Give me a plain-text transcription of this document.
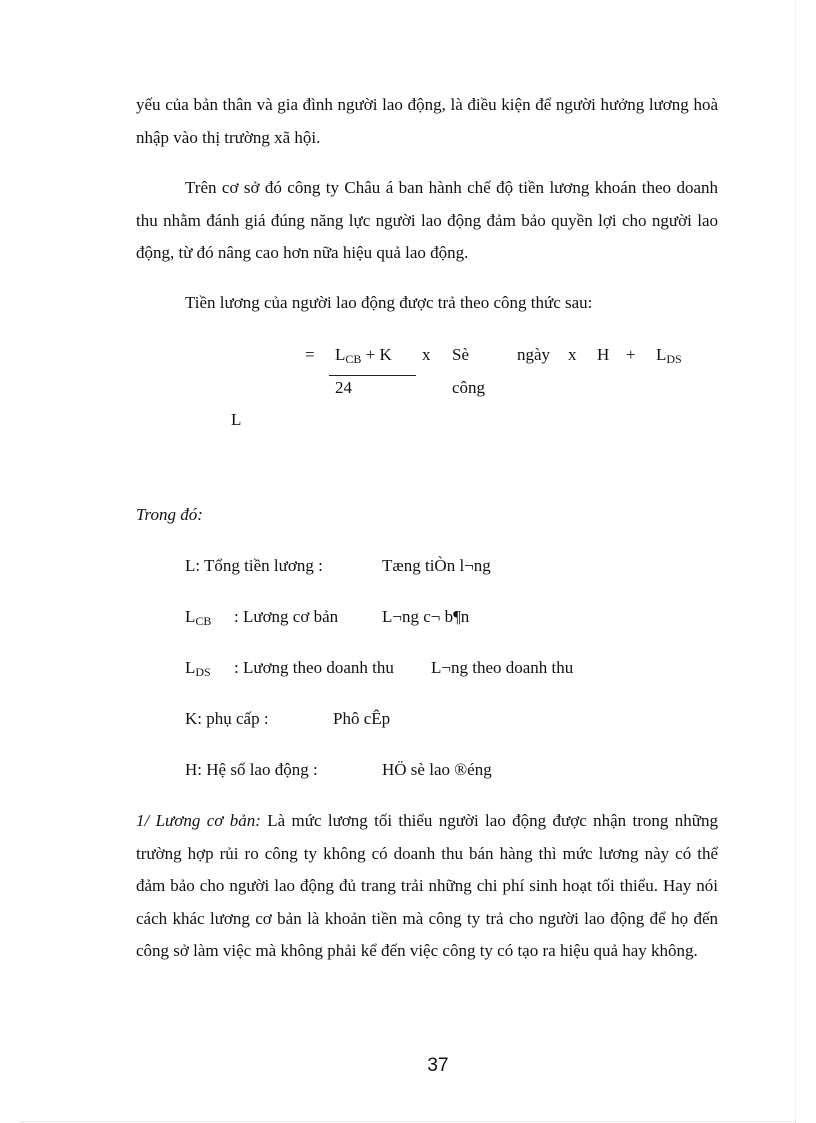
yếu của bản thân và gia đình người lao động, là điều kiện để người hưởng lương hoà nhập vào thị trường xã hội.

Trên cơ sở đó công ty Châu á ban hành chế độ tiền lương khoán theo doanh thu nhằm đánh giá đúng năng lực người lao động đảm bảo quyền lợi cho người lao động, từ đó nâng cao hơn nữa hiệu quả lao động.

Tiền lương của người lao động được trả theo công thức sau:

= $L_{CB} + K$
24
x Sè
công
ngày x $H + L_{DS}$
L

Trong đó:

L: Tổng tiền lương :	Tæng tiÒn l¬ng
$L_{CB}$ : Lương cơ bản	L¬ng c¬ b¶n
$L_{DS}$ : Lương theo doanh thu L¬ng theo doanh thu
K: phụ cấp :	Phô cÊp
H: Hệ số lao động :	HÖ sè lao ®éng

1/ Lương cơ bản: Là mức lương tối thiểu người lao động được nhận trong những trường hợp rủi ro công ty không có doanh thu bán hàng thì mức lương này có thể đảm bảo cho người lao động đủ trang trải những chi phí sinh hoạt tối thiểu. Hay nói cách khác lương cơ bản là khoản tiền mà công ty trả cho người lao động để họ đến công sở làm việc mà không phải kể đến việc công ty có tạo ra hiệu quả hay không.

37
